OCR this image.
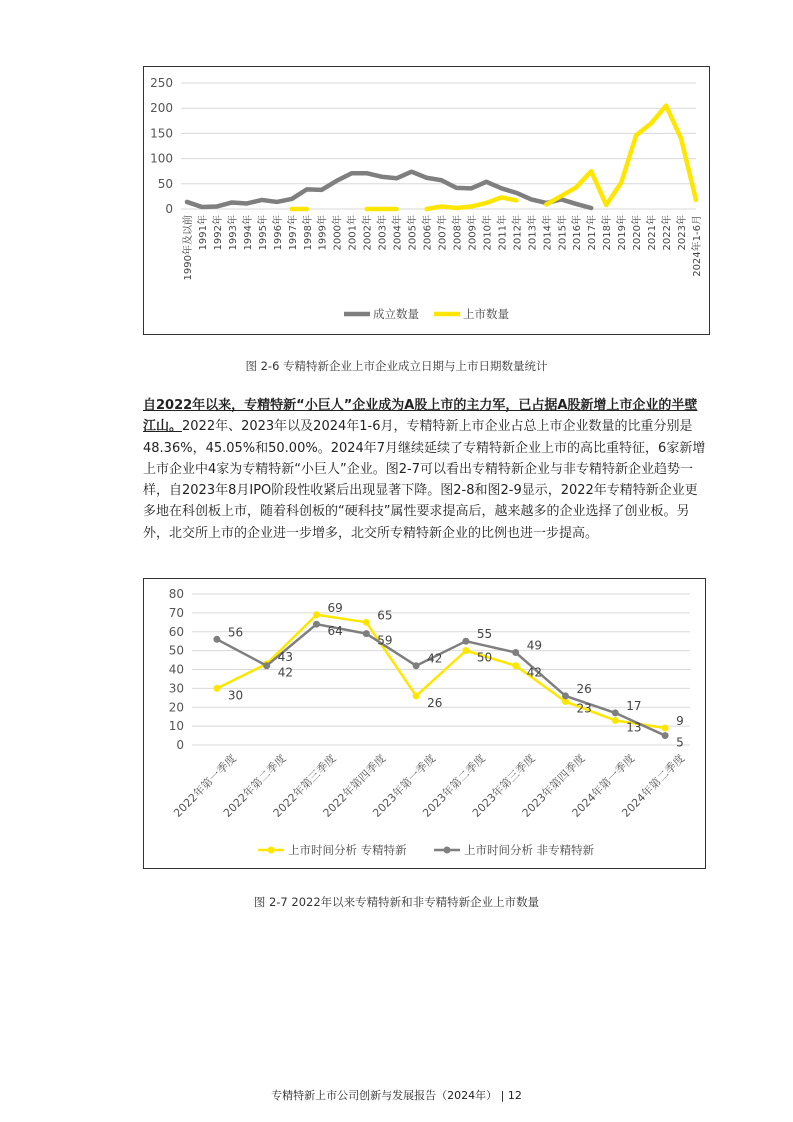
0
50
100
150
200
250
1990年及以前 1991年 1992年 1993年 1994年 1995年 1996年 1997年 1998年 1999年 2000年 2001年 2002年 2003年 2004年 2005年 2006年 2007年 2008年 2009年 2010年 2011年 2012年 2013年 2014年 2015年 2016年 2017年 2018年 2019年 2020年 2021年 2022年 2023年 2024年1-6月
成立数量	上市数量
图 2-6 专精特新企业上市企业成立日期与上市日期数量统计

自2022年以来，专精特新“小巨人”企业成为A股上市的主力军，已占据A股新增上市企业的半壁江山。2022年、2023年以及2024年1-6月，专精特新上市企业占总上市企业数量的比重分别是48.36%，45.05%和50.00%。2024年7月继续延续了专精特新企业上市的高比重特征，6家新增上市企业中4家为专精特新“小巨人”企业。图2-7可以看出专精特新企业与非专精特新企业趋势一样，自2023年8月IPO阶段性收紧后出现显著下降。图2-8和图2-9显示，2022年专精特新企业更多地在科创板上市，随着科创板的“硬科技”属性要求提高后，越来越多的企业选择了创业板。另外，北交所上市的企业进一步增多，北交所专精特新企业的比例也进一步提高。

0
10
20
30
40
50
60
70
80
2022年第一季度
2022年第二季度
2022年第三季度
2022年第四季度
2023年第一季度
2023年第二季度
2023年第三季度
2023年第四季度
2024年第一季度
2024年第二季度
30
56
43
42
69
64
65
59
26
42	50
55
42
49
23
26
13
17
9
5
上市时间分析 专精特新	上市时间分析 非专精特新
图 2-7 2022年以来专精特新和非专精特新企业上市数量
专精特新上市公司创新与发展报告（2024年） | 12
